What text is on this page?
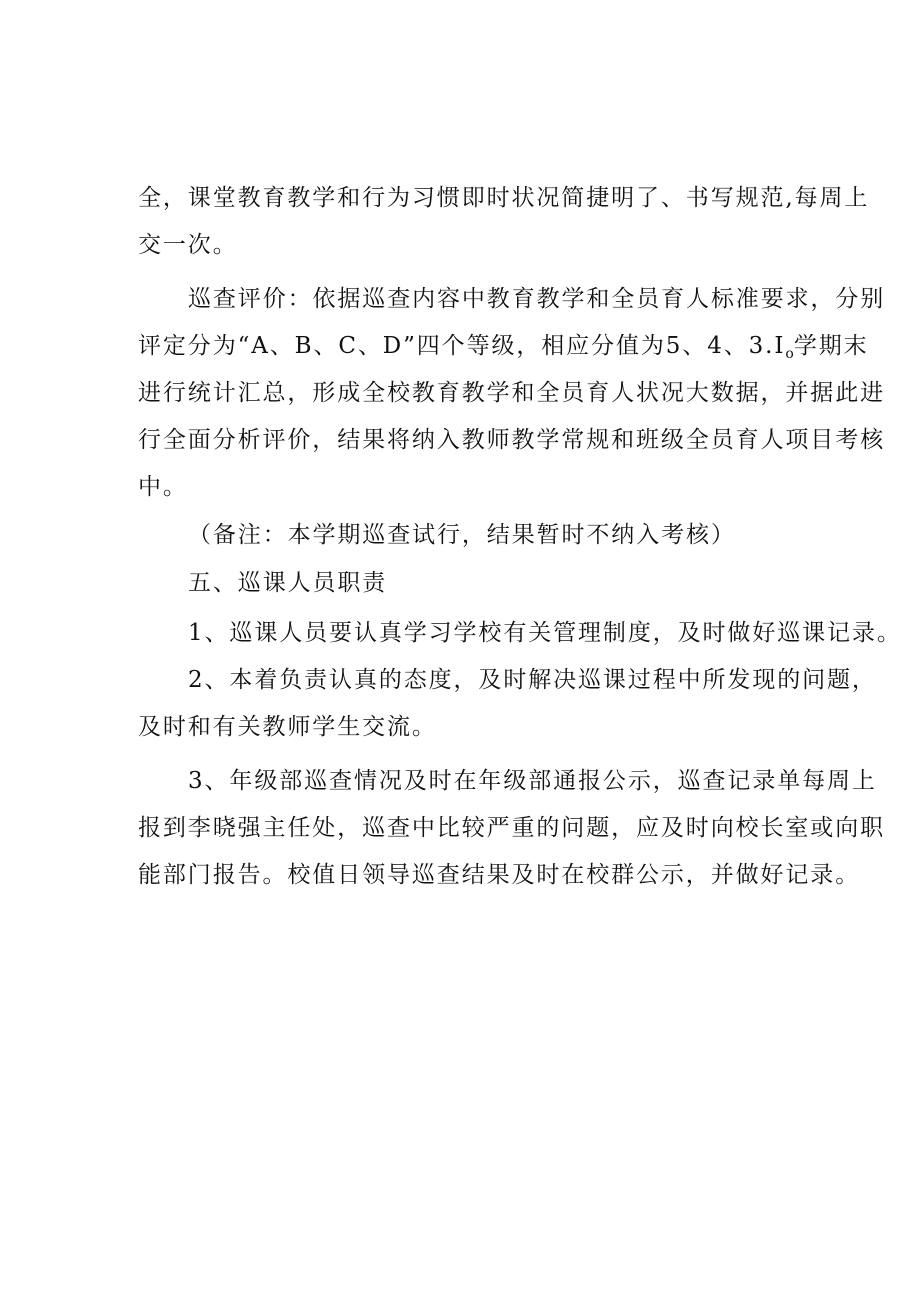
全，课堂教育教学和行为习惯即时状况简捷明了、书写规范,每周上
交一次。
巡查评价：依据巡查内容中教育教学和全员育人标准要求，分别
评定分为“A、B、C、D”四个等级，相应分值为5、4、$3.I_o$学期末
进行统计汇总，形成全校教育教学和全员育人状况大数据，并据此进
行全面分析评价，结果将纳入教师教学常规和班级全员育人项目考核
中。
（备注：本学期巡查试行，结果暂时不纳入考核）
五、巡课人员职责
1、巡课人员要认真学习学校有关管理制度，及时做好巡课记录。
2、本着负责认真的态度，及时解决巡课过程中所发现的问题，
及时和有关教师学生交流。
3、年级部巡查情况及时在年级部通报公示，巡查记录单每周上
报到李晓强主任处，巡查中比较严重的问题，应及时向校长室或向职
能部门报告。校值日领导巡查结果及时在校群公示，并做好记录。
